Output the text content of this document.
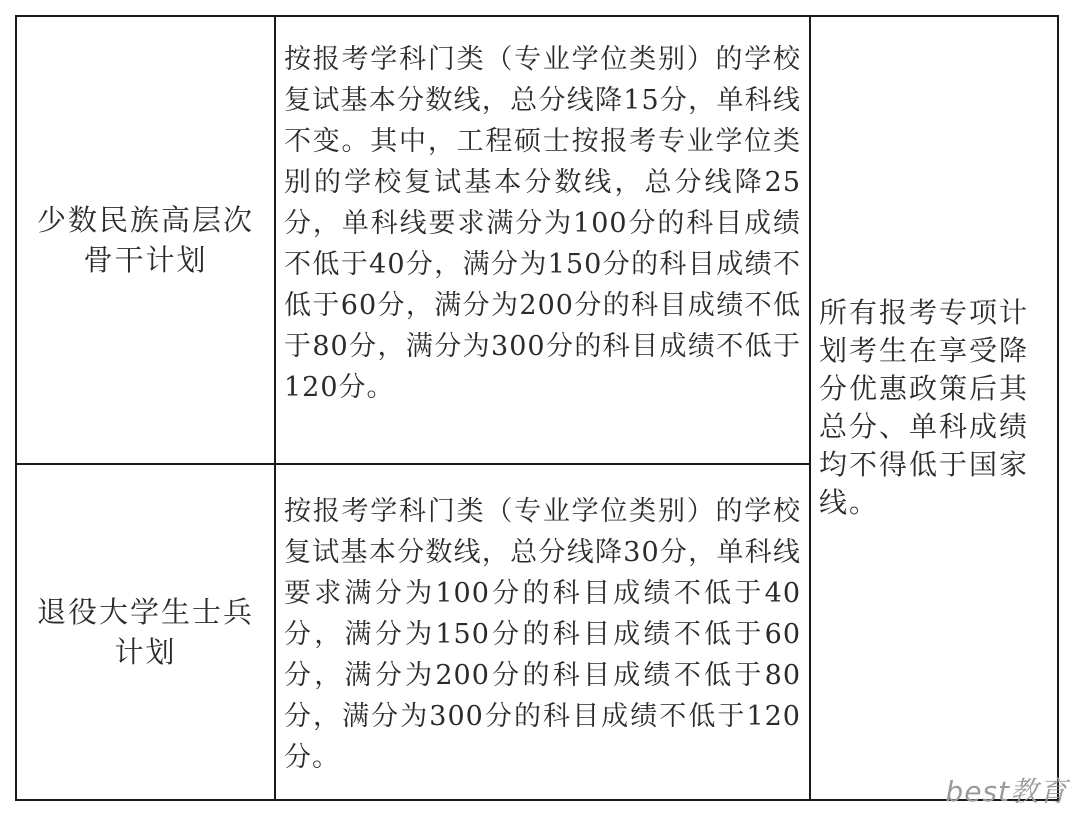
少数民族高层次骨干计划
按报考学科门类（专业学位类别）的学校复试基本分数线，总分线降15分，单科线不变。其中，工程硕士按报考专业学位类别的学校复试基本分数线，总分线降25分，单科线要求满分为100分的科目成绩不低于40分，满分为150分的科目成绩不低于60分，满分为200分的科目成绩不低于80分，满分为300分的科目成绩不低于120分。
退役大学生士兵计划
按报考学科门类（专业学位类别）的学校复试基本分数线，总分线降30分，单科线要求满分为100分的科目成绩不低于40分，满分为150分的科目成绩不低于60分，满分为200分的科目成绩不低于80分，满分为300分的科目成绩不低于120分。
所有报考专项计划考生在享受降分优惠政策后其总分、单科成绩均不得低于国家线。
best教育
